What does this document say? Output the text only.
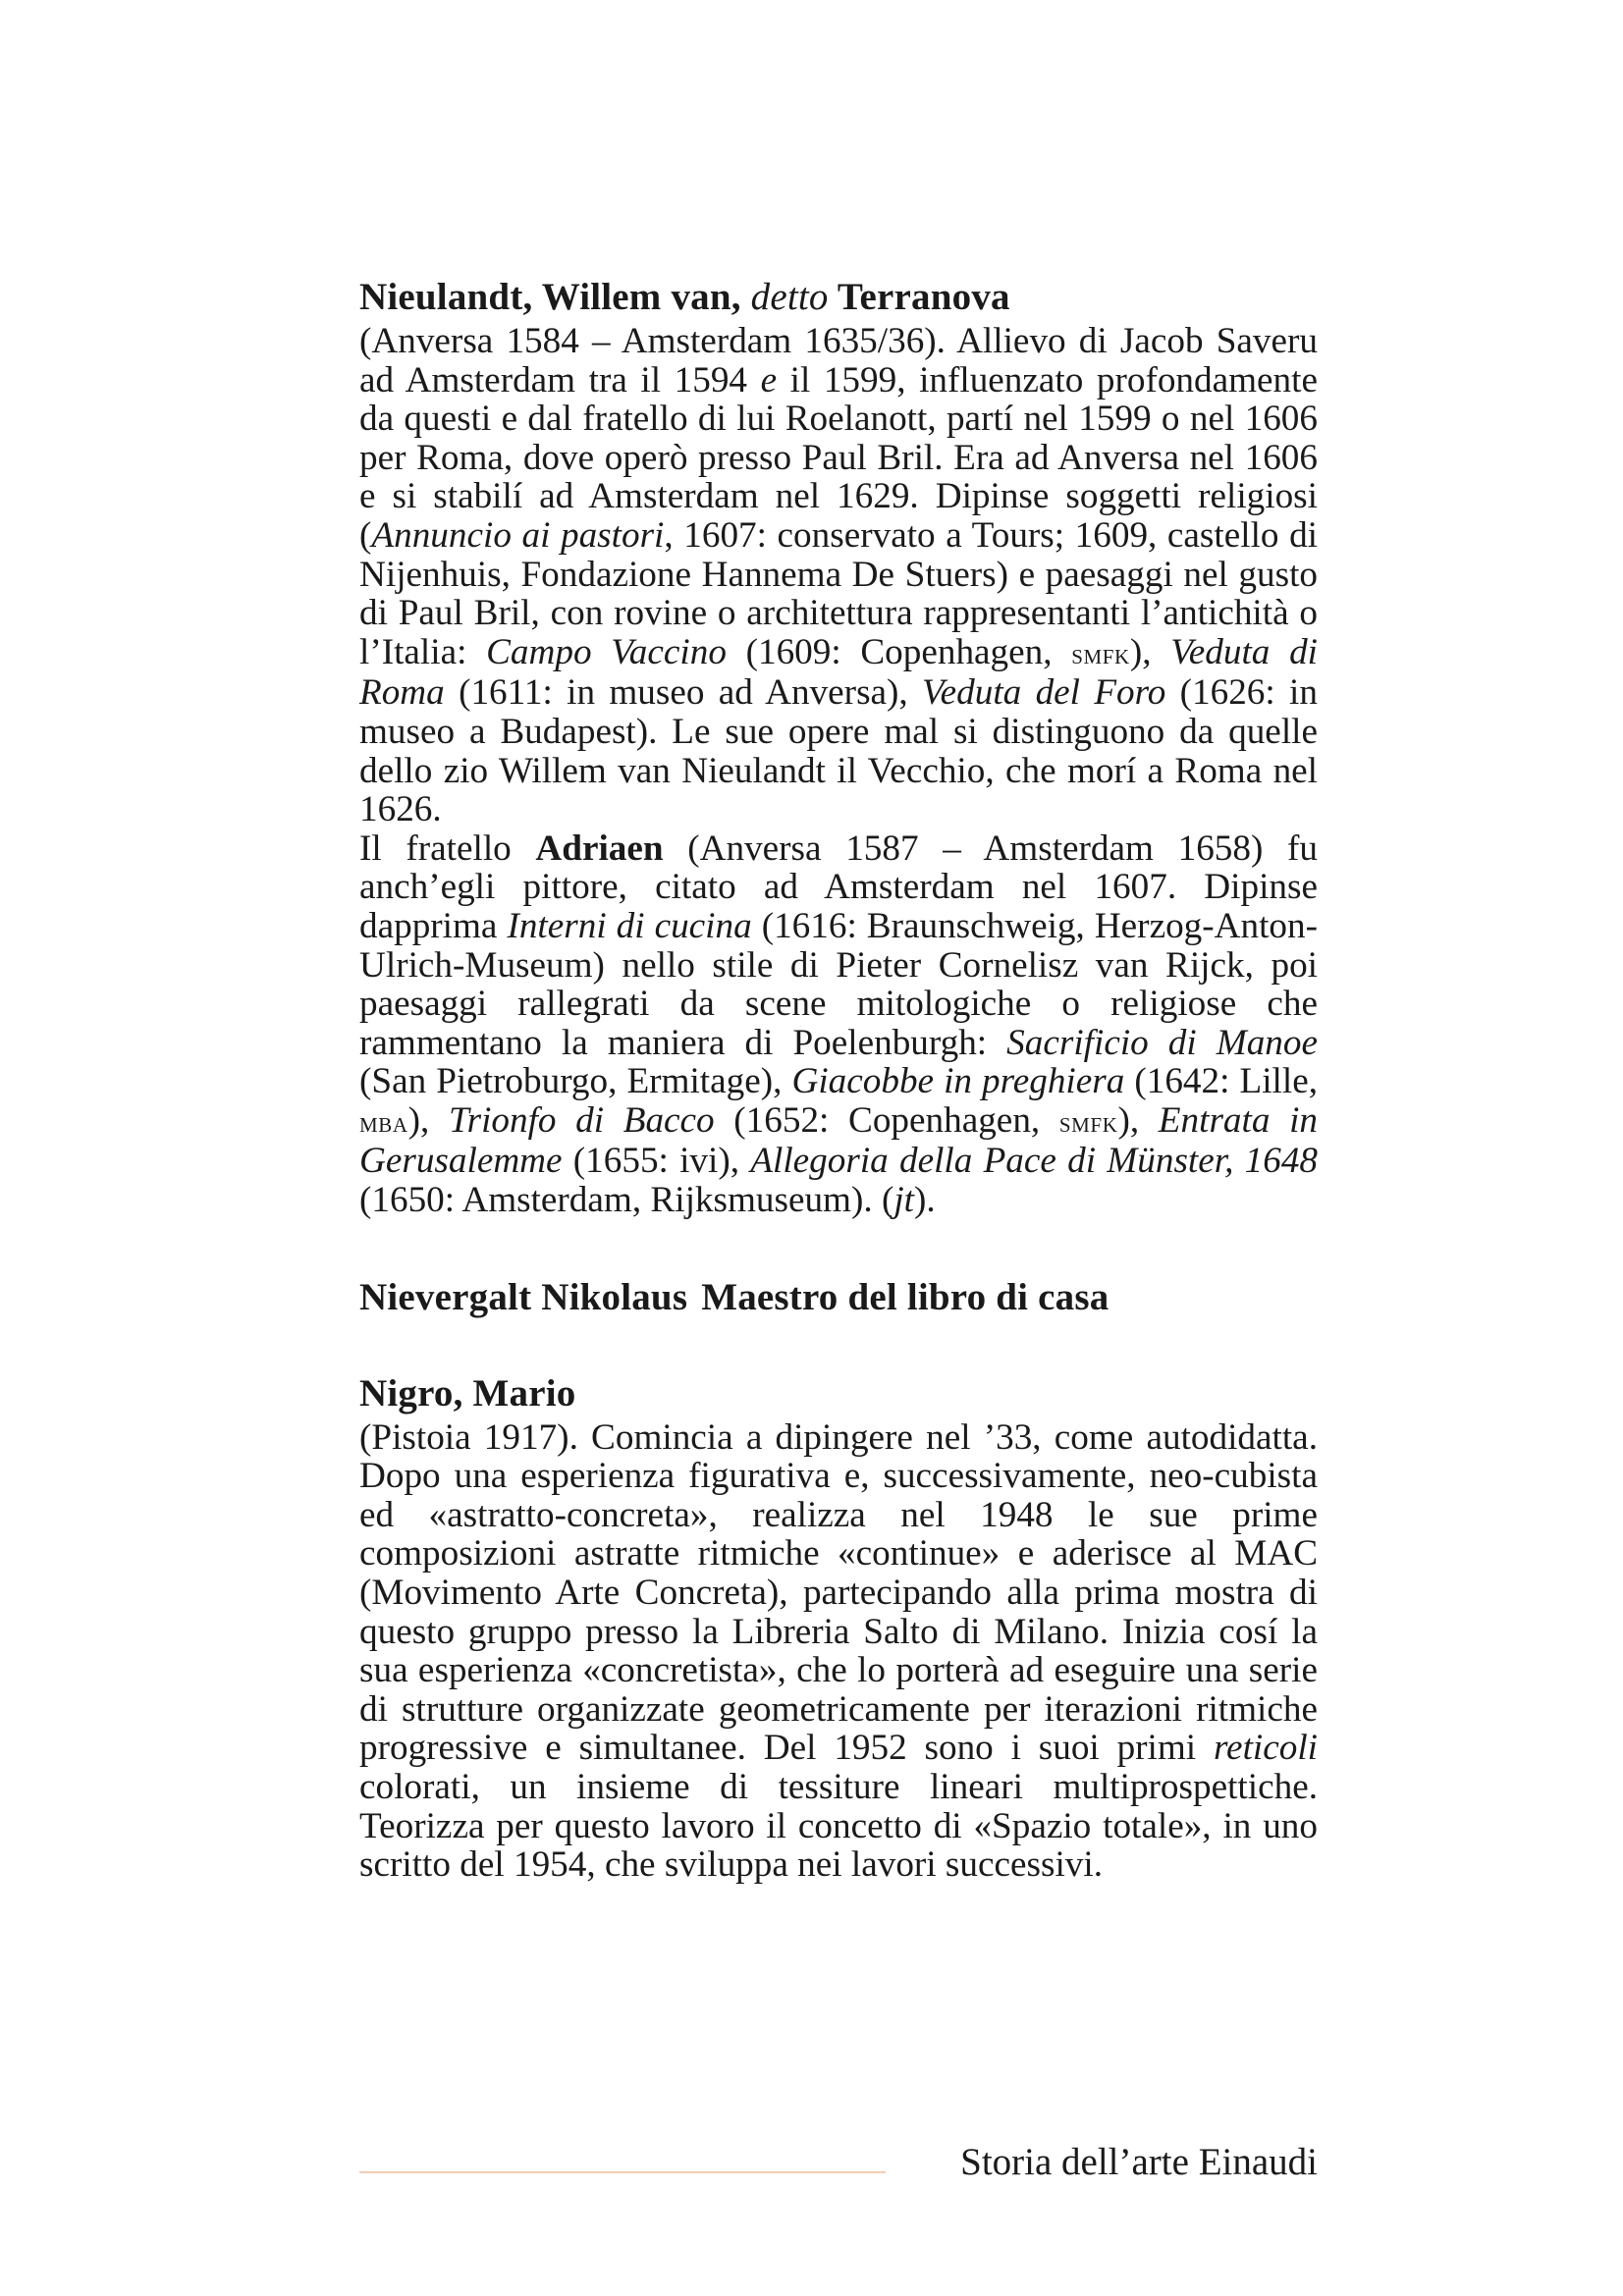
Nieulandt, Willem van, detto Terranova

(Anversa 1584 – Amsterdam 1635/36). Allievo di Jacob Saveru ad Amsterdam tra il 1594 e il 1599, influenzato profondamente da questi e dal fratello di lui Roelanott, partí nel 1599 o nel 1606 per Roma, dove operò presso Paul Bril. Era ad Anversa nel 1606 e si stabilí ad Amsterdam nel 1629. Dipinse soggetti religiosi (Annuncio ai pastori, 1607: conservato a Tours; 1609, castello di Nijenhuis, Fondazione Hannema De Stuers) e paesaggi nel gusto di Paul Bril, con rovine o architettura rappresentanti l’antichità o l’Italia: Campo Vaccino (1609: Copenhagen, smfk), Veduta di Roma (1611: in museo ad Anversa), Veduta del Foro (1626: in museo a Budapest). Le sue opere mal si distinguono da quelle dello zio Willem van Nieulandt il Vecchio, che morí a Roma nel 1626.

Il fratello Adriaen (Anversa 1587 – Amsterdam 1658) fu anch’egli pittore, citato ad Amsterdam nel 1607. Dipinse dapprima Interni di cucina (1616: Braunschweig, Herzog-Anton-Ulrich-Museum) nello stile di Pieter Cornelisz van Rijck, poi paesaggi rallegrati da scene mitologiche o religiose che rammentano la maniera di Poelenburgh: Sacrificio di Manoe (San Pietroburgo, Ermitage), Giacobbe in preghiera (1642: Lille, mba), Trionfo di Bacco (1652: Copenhagen, smfk), Entrata in Gerusalemme (1655: ivi), Allegoria della Pace di Münster, 1648 (1650: Amsterdam, Rijksmuseum). (jt).

Nievergalt Nikolaus Maestro del libro di casa
Nigro, Mario

(Pistoia 1917). Comincia a dipingere nel ’33, come autodidatta. Dopo una esperienza figurativa e, successivamente, neo-cubista ed «astratto-concreta», realizza nel 1948 le sue prime composizioni astratte ritmiche «continue» e aderisce al MAC (Movimento Arte Concreta), partecipando alla prima mostra di questo gruppo presso la Libreria Salto di Milano. Inizia cosí la sua esperienza «concretista», che lo porterà ad eseguire una serie di strutture organizzate geometricamente per iterazioni ritmiche progressive e simultanee. Del 1952 sono i suoi primi reticoli colorati, un insieme di tessiture lineari multiprospettiche. Teorizza per questo lavoro il concetto di «Spazio totale», in uno scritto del 1954, che sviluppa nei lavori successivi.

Storia dell’arte Einaudi
